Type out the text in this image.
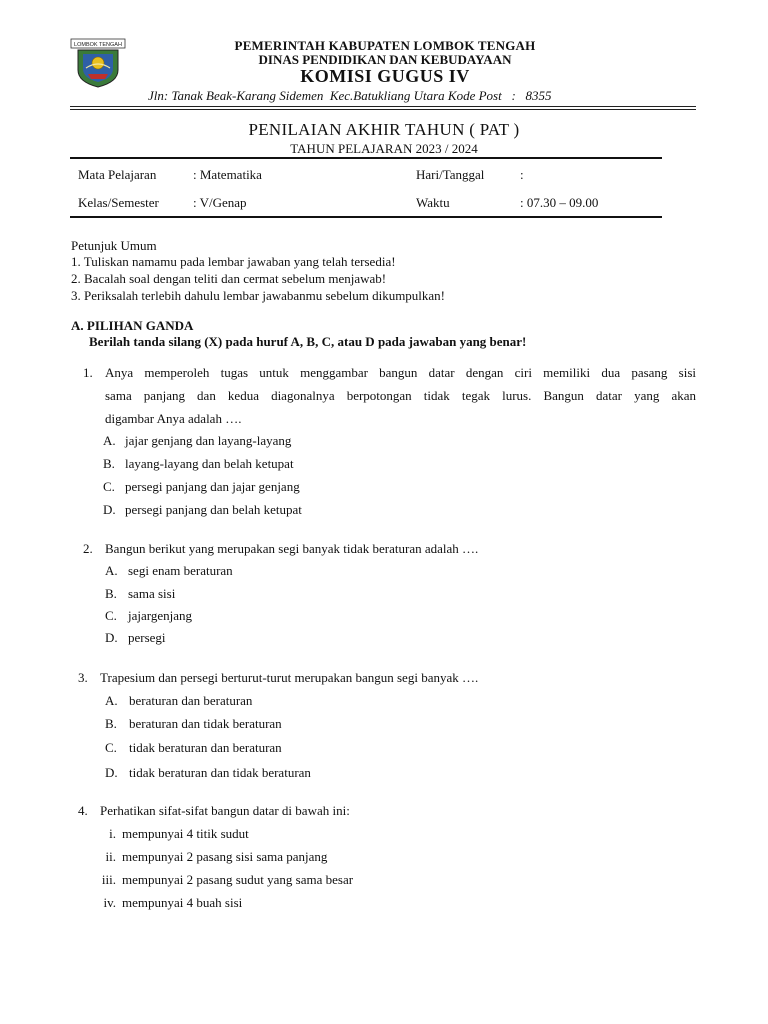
LOMBOK TENGAH	PEMERINTAH KABUPATEN LOMBOK TENGAH
DINAS PENDIDIKAN DAN KEBUDAYAAN
KOMISI GUGUS IV
Jln: Tanak Beak-Karang Sidemen  Kec.Batukliang Utara Kode Post   :   8355
PENILAIAN AKHIR TAHUN ( PAT )
TAHUN PELAJARAN 2023 / 2024
Mata Pelajaran	: Matematika	Hari/Tanggal	:
Kelas/Semester	: V/Genap	Waktu	: 07.30 – 09.00
Petunjuk Umum
1. Tuliskan namamu pada lembar jawaban yang telah tersedia!
2. Bacalah soal dengan teliti dan cermat sebelum menjawab!
3. Periksalah terlebih dahulu lembar jawabanmu sebelum dikumpulkan!
A. PILIHAN GANDA
Berilah tanda silang (X) pada huruf A, B, C, atau D pada jawaban yang benar!
1. Anya memperoleh tugas untuk menggambar bangun datar dengan ciri memiliki dua pasang sisi
sama panjang dan kedua diagonalnya berpotongan tidak tegak lurus. Bangun datar yang akan
digambar Anya adalah ….
A. jajar genjang dan layang-layang
B. layang-layang dan belah ketupat
C. persegi panjang dan jajar genjang
D. persegi panjang dan belah ketupat
2. Bangun berikut yang merupakan segi banyak tidak beraturan adalah ….
A. segi enam beraturan
B. sama sisi
C. jajargenjang
D. persegi
3. Trapesium dan persegi berturut-turut merupakan bangun segi banyak ….
A. beraturan dan beraturan
B. beraturan dan tidak beraturan
C. tidak beraturan dan beraturan
D. tidak beraturan dan tidak beraturan
4. Perhatikan sifat-sifat bangun datar di bawah ini:
i. mempunyai 4 titik sudut
ii. mempunyai 2 pasang sisi sama panjang
iii. mempunyai 2 pasang sudut yang sama besar
iv. mempunyai 4 buah sisi
